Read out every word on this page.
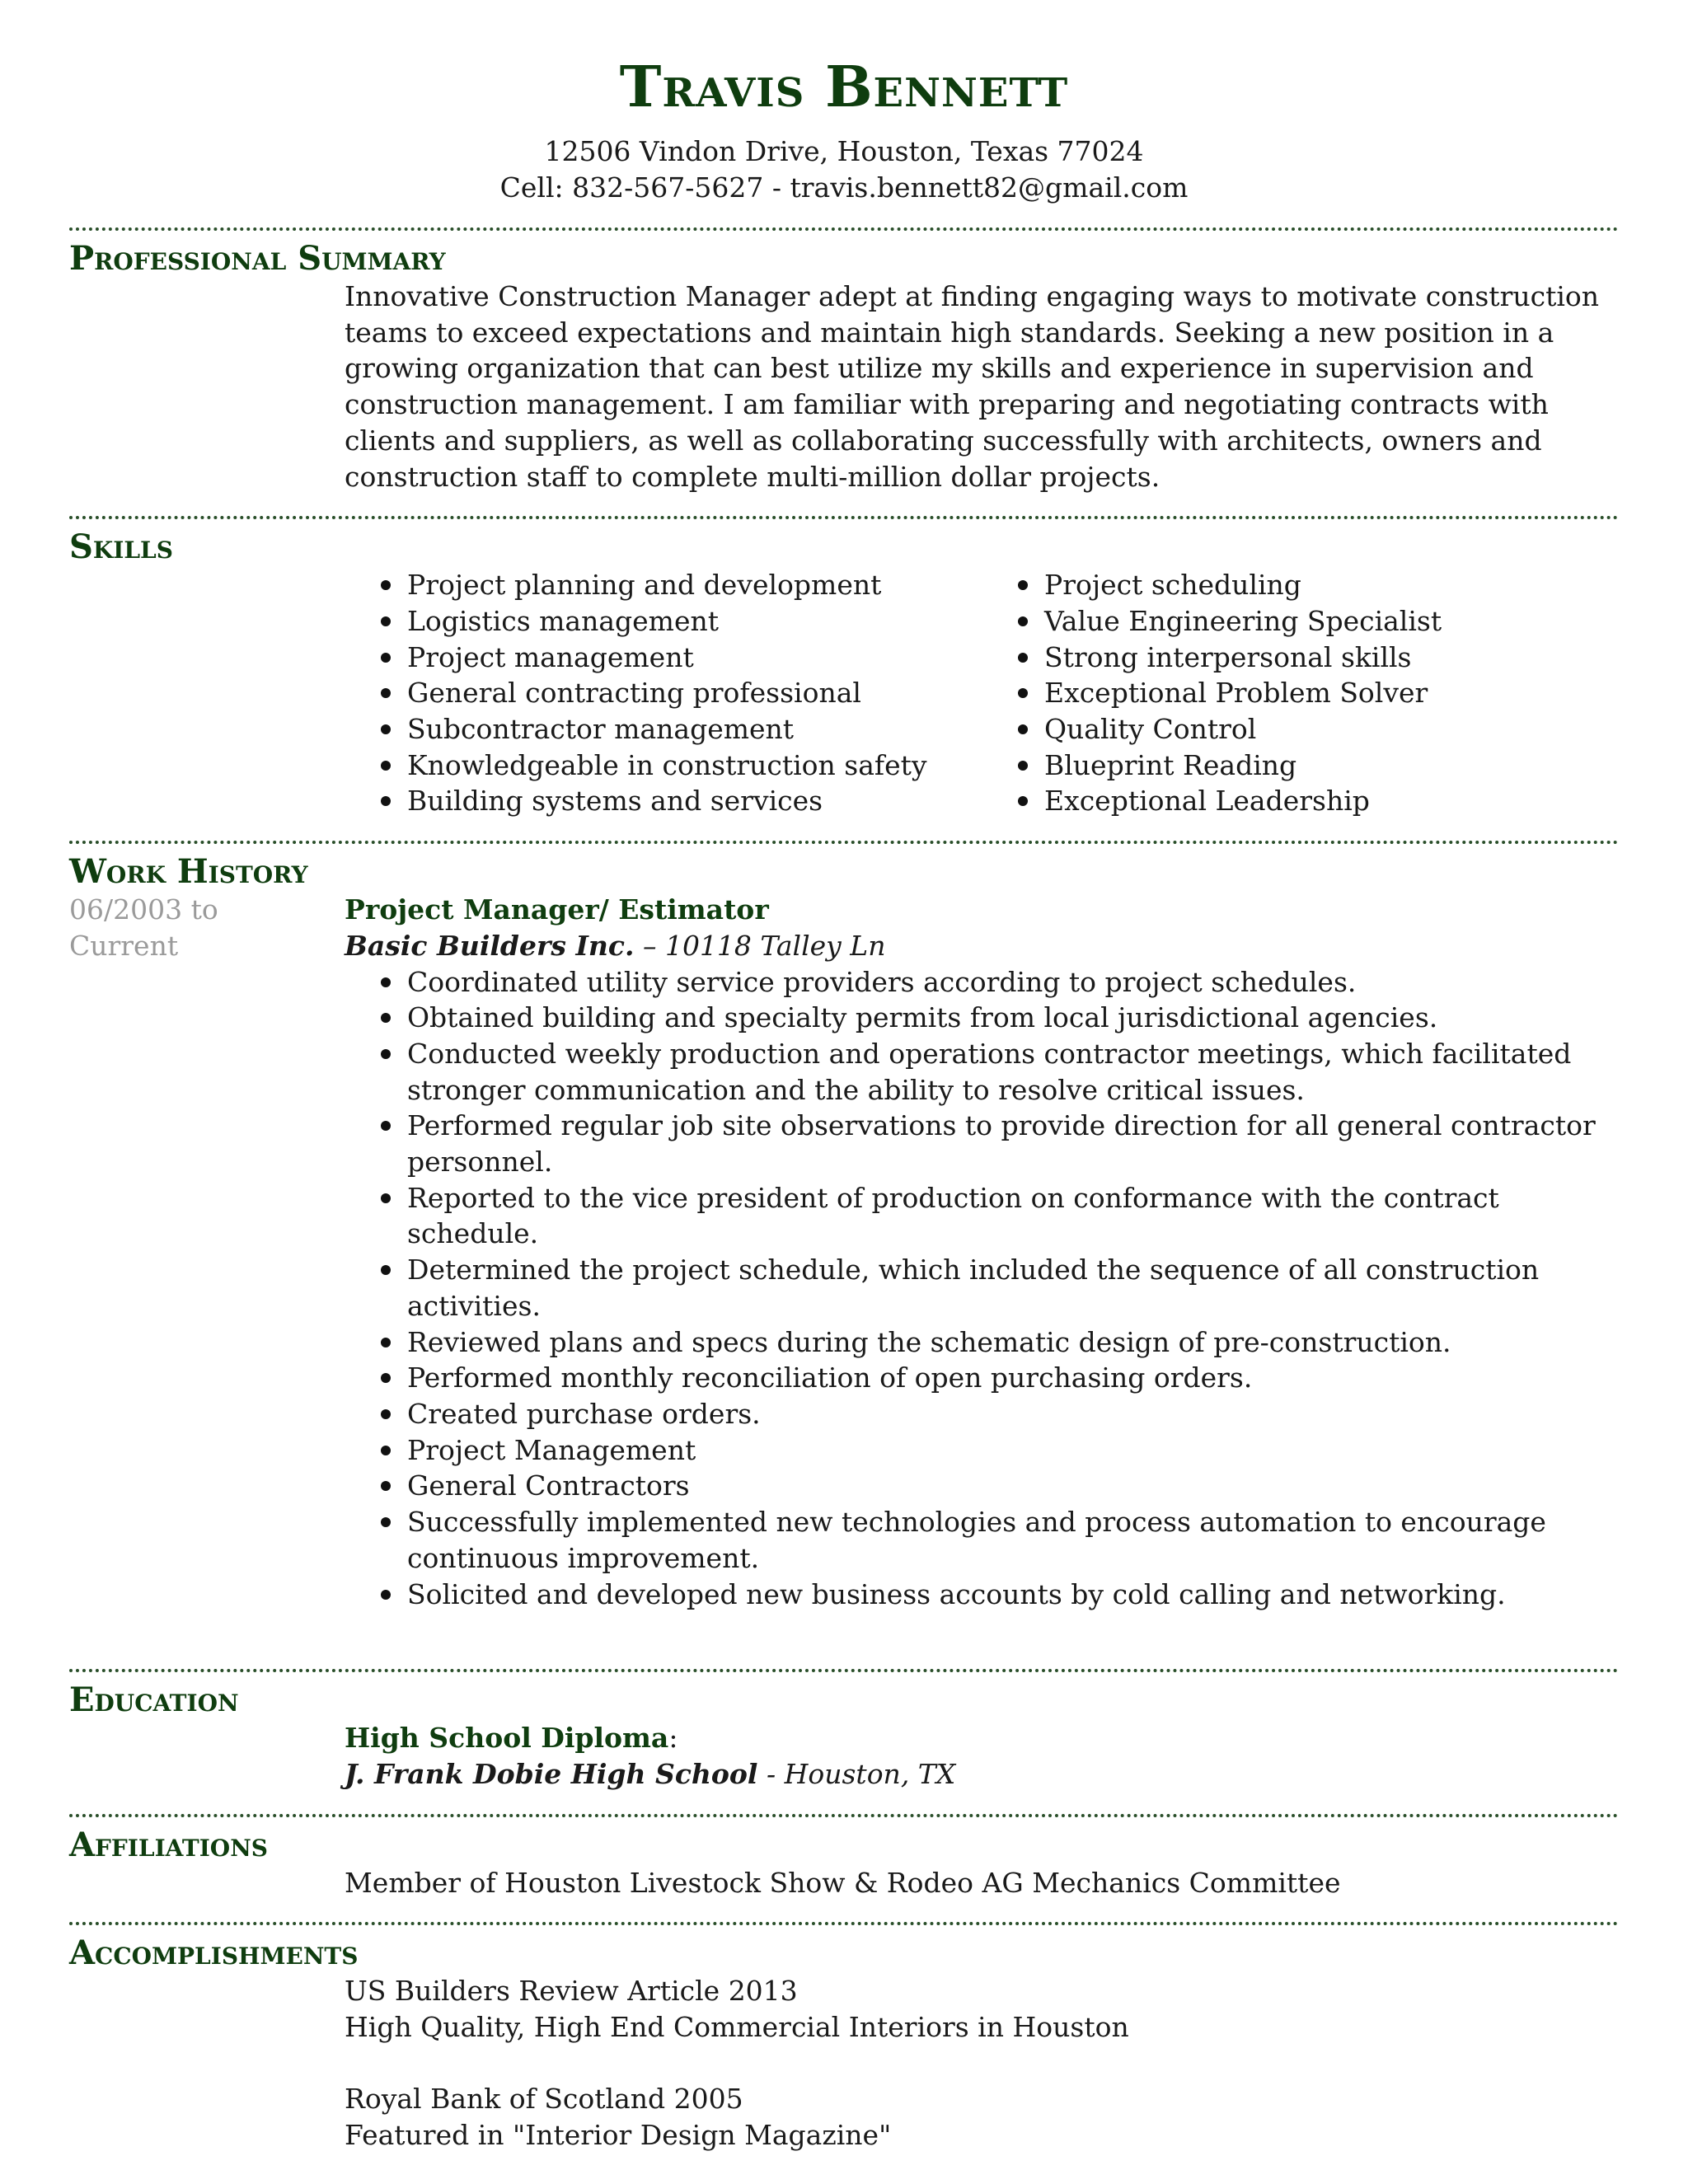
Travis Bennett
12506 Vindon Drive, Houston, Texas 77024
Cell: 832-567-5627 - travis.bennett82@gmail.com
Professional Summary

Innovative Construction Manager adept at finding engaging ways to motivate construction teams to exceed expectations and maintain high standards. Seeking a new position in a growing organization that can best utilize my skills and experience in supervision and construction management. I am familiar with preparing and negotiating contracts with clients and suppliers, as well as collaborating successfully with architects, owners and construction staff to complete multi-million dollar projects.

Skills
Project planning and development
Logistics management
Project management
General contracting professional
Subcontractor management
Knowledgeable in construction safety
Building systems and services
Project scheduling
Value Engineering Specialist
Strong interpersonal skills
Exceptional Problem Solver
Quality Control
Blueprint Reading
Exceptional Leadership
Work History
06/2003 to Current
Project Manager/ Estimator
Basic Builders Inc. – 10118 Talley Ln
Coordinated utility service providers according to project schedules.
Obtained building and specialty permits from local jurisdictional agencies.
Conducted weekly production and operations contractor meetings, which facilitated stronger communication and the ability to resolve critical issues.
Performed regular job site observations to provide direction for all general contractor personnel.
Reported to the vice president of production on conformance with the contract schedule.
Determined the project schedule, which included the sequence of all construction activities.
Reviewed plans and specs during the schematic design of pre-construction.
Performed monthly reconciliation of open purchasing orders.
Created purchase orders.
Project Management
General Contractors
Successfully implemented new technologies and process automation to encourage continuous improvement.
Solicited and developed new business accounts by cold calling and networking.
Education
High School Diploma:
J. Frank Dobie High School - Houston, TX
Affiliations
Member of Houston Livestock Show & Rodeo AG Mechanics Committee
Accomplishments
US Builders Review Article 2013
High Quality, High End Commercial Interiors in Houston
Royal Bank of Scotland 2005
Featured in "Interior Design Magazine"
